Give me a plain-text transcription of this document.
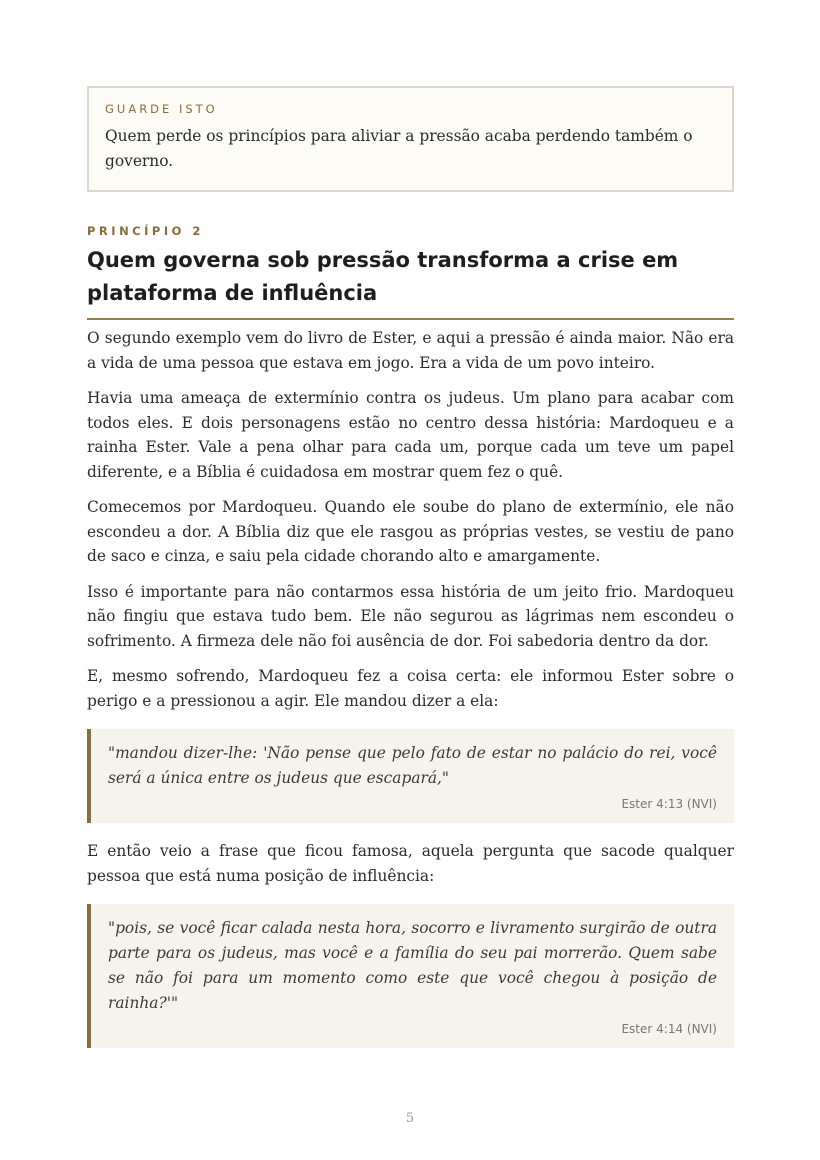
GUARDE ISTO
Quem perde os princípios para aliviar a pressão acaba perdendo também o governo.
PRINCÍPIO 2
Quem governa sob pressão transforma a crise em plataforma de influência

O segundo exemplo vem do livro de Ester, e aqui a pressão é ainda maior. Não era a vida de uma pessoa que estava em jogo. Era a vida de um povo inteiro.

Havia uma ameaça de extermínio contra os judeus. Um plano para acabar com todos eles. E dois personagens estão no centro dessa história: Mardoqueu e a rainha Ester. Vale a pena olhar para cada um, porque cada um teve um papel diferente, e a Bíblia é cuidadosa em mostrar quem fez o quê.

Comecemos por Mardoqueu. Quando ele soube do plano de extermínio, ele não escondeu a dor. A Bíblia diz que ele rasgou as próprias vestes, se vestiu de pano de saco e cinza, e saiu pela cidade chorando alto e amargamente.

Isso é importante para não contarmos essa história de um jeito frio. Mardoqueu não fingiu que estava tudo bem. Ele não segurou as lágrimas nem escondeu o sofrimento. A firmeza dele não foi ausência de dor. Foi sabedoria dentro da dor.

E, mesmo sofrendo, Mardoqueu fez a coisa certa: ele informou Ester sobre o perigo e a pressionou a agir. Ele mandou dizer a ela:

"mandou dizer-lhe: 'Não pense que pelo fato de estar no palácio do rei, você será a única entre os judeus que escapará,"
Ester 4:13 (NVI)

E então veio a frase que ficou famosa, aquela pergunta que sacode qualquer pessoa que está numa posição de influência:

"pois, se você ficar calada nesta hora, socorro e livramento surgirão de outra parte para os judeus, mas você e a família do seu pai morrerão. Quem sabe se não foi para um momento como este que você chegou à posição de rainha?'"
Ester 4:14 (NVI)
5
